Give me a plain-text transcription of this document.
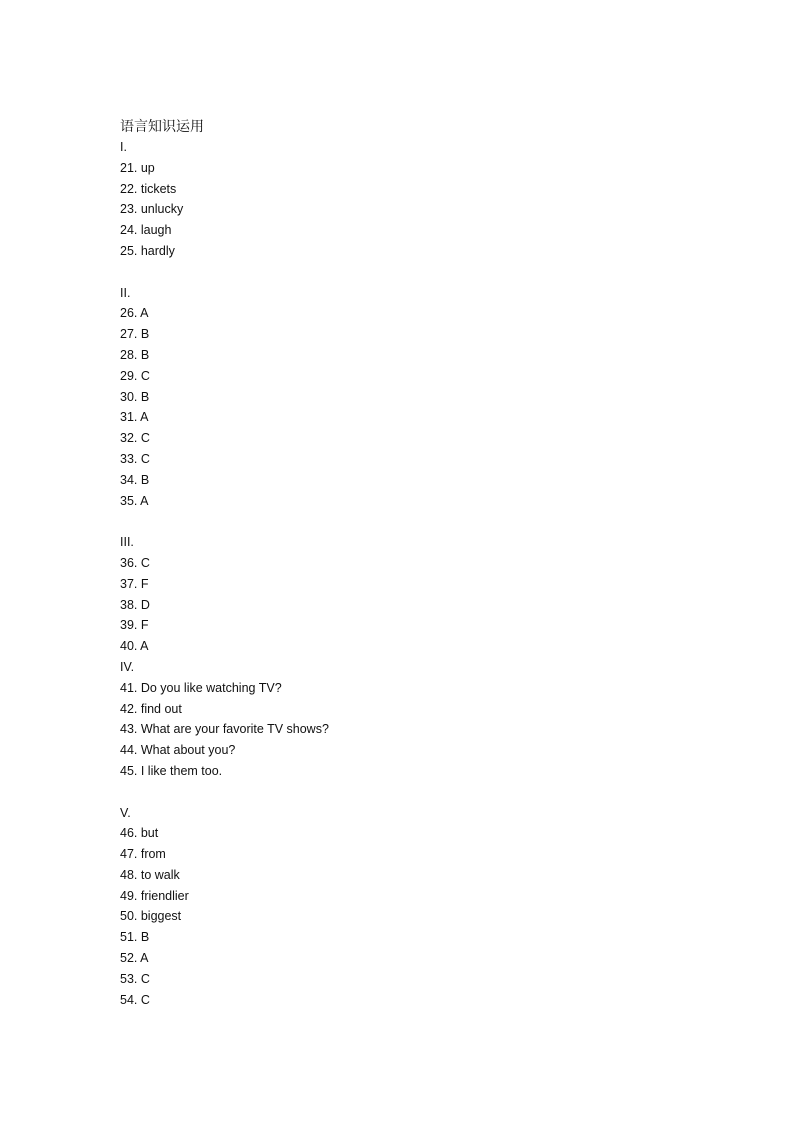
语言知识运用
I.
21. up
22. tickets
23. unlucky
24. laugh
25. hardly
II.
26. A
27. B
28. B
29. C
30. B
31. A
32. C
33. C
34. B
35. A
III.
36. C
37. F
38. D
39. F
40. A
IV.
41. Do you like watching TV?
42. find out
43. What are your favorite TV shows?
44. What about you?
45. I like them too.
V.
46. but
47. from
48. to walk
49. friendlier
50. biggest
51. B
52. A
53. C
54. C
